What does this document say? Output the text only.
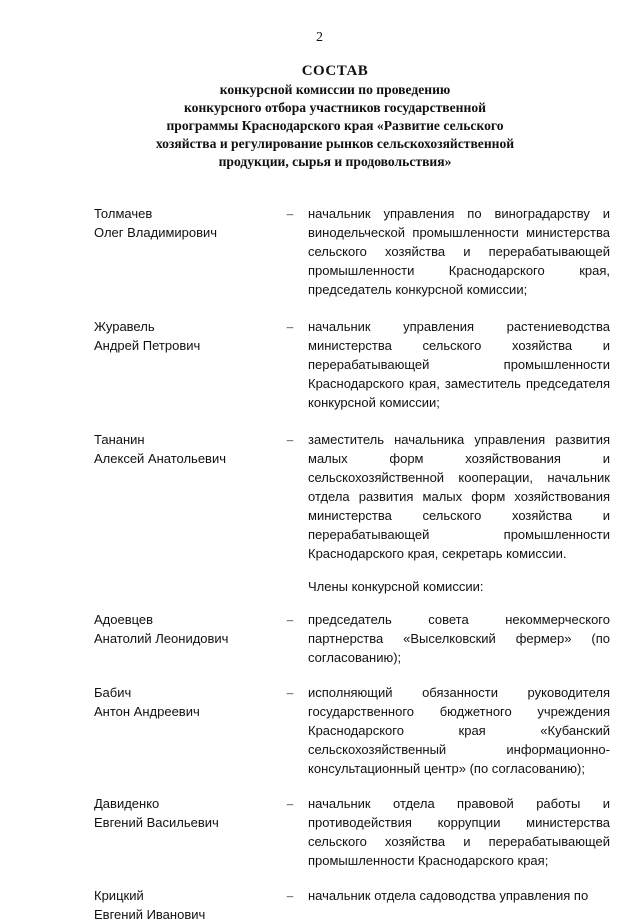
2
СОСТАВ
конкурсной комиссии по проведению
конкурсного отбора участников государственной
программы Краснодарского края «Развитие сельского
хозяйства и регулирование рынков сельскохозяйственной
продукции, сырья и продовольствия»
Толмачев
Олег Владимирович
–	начальник управления по виноградарству и винодельческой промышленности министерства сельского хозяйства и перерабатывающей промышленности Краснодарского края, председатель конкурсной комиссии;
Журавель
Андрей Петрович
–	начальник управления растениеводства министерства сельского хозяйства и перерабатывающей промышленности Краснодарского края, заместитель председателя конкурсной комиссии;
Тананин
Алексей Анатольевич
–	заместитель начальника управления развития малых форм хозяйствования и сельскохозяйственной кооперации, начальник отдела развития малых форм хозяйствования министерства сельского хозяйства и перерабатывающей промышленности Краснодарского края, секретарь комиссии.
Члены конкурсной комиссии:
Адоевцев
Анатолий Леонидович
–	председатель совета некоммерческого партнерства «Выселковский фермер» (по согласованию);
Бабич
Антон Андреевич
–	исполняющий обязанности руководителя государственного бюджетного учреждения Краснодарского края «Кубанский сельскохозяйственный информационно-консультационный центр» (по согласованию);
Давиденко
Евгений Васильевич
–	начальник отдела правовой работы и противодействия коррупции министерства сельского хозяйства и перерабатывающей промышленности Краснодарского края;
Крицкий
Евгений Иванович
–	начальник отдела садоводства управления по
